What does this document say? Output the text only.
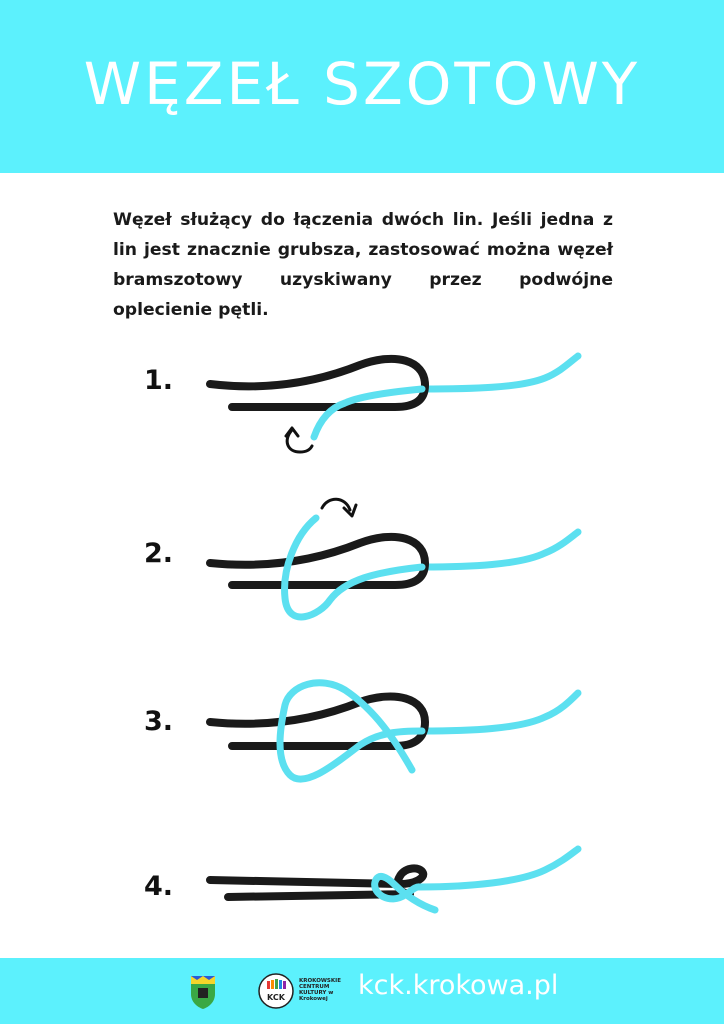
WĘZEŁ SZOTOWY
Węzeł służący do łączenia dwóch lin. Jeśli jedna z lin jest znacznie grubsza, zastosować można węzeł bramszotowy uzyskiwany przez podwójne oplecienie pętli.
1.
2.
3.
4.
KCK
KROKOWSKIE CENTRUM KULTURY w Krokowej	kck.krokowa.pl
